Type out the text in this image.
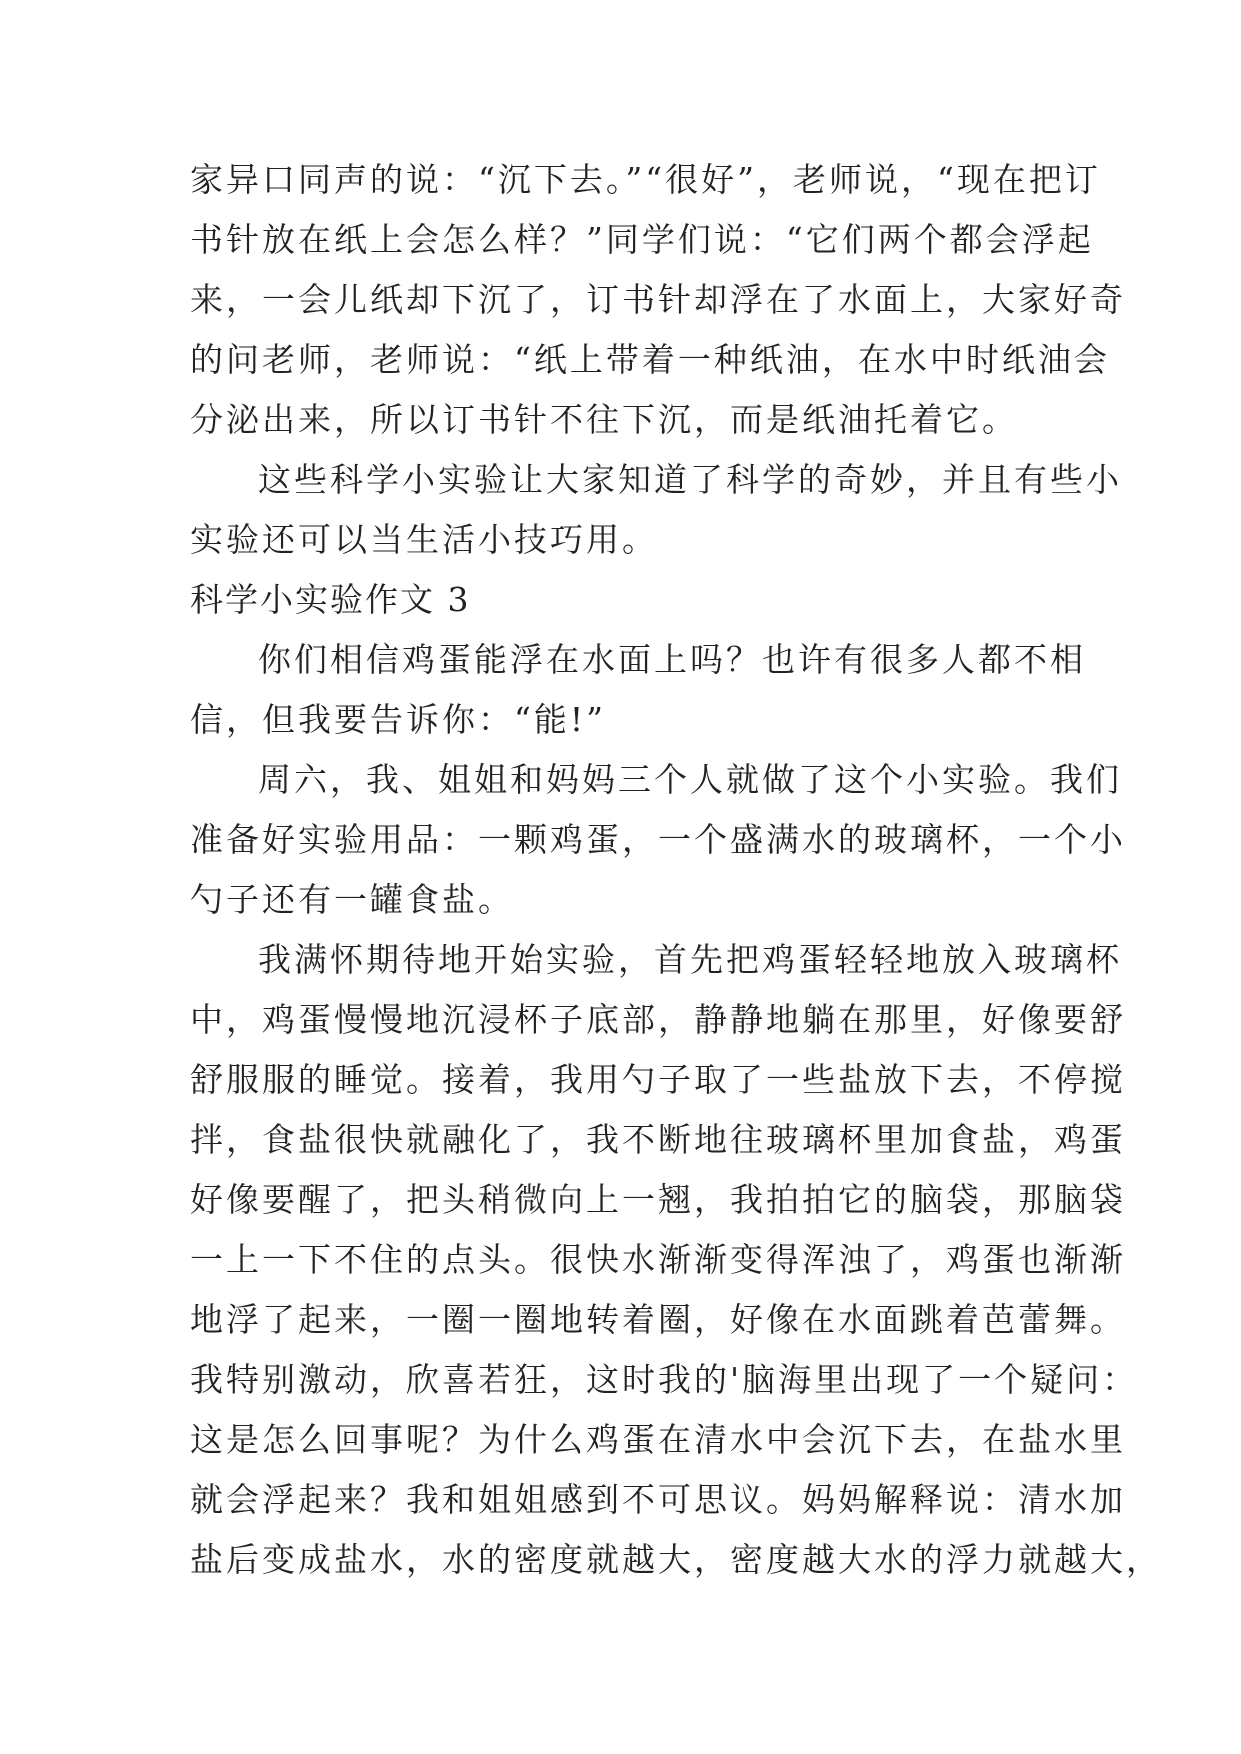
家异口同声的说：“沉下去。”“很好”，老师说，“现在把订
书针放在纸上会怎么样？”同学们说：“它们两个都会浮起
来，一会儿纸却下沉了，订书针却浮在了水面上，大家好奇
的问老师，老师说：“纸上带着一种纸油，在水中时纸油会
分泌出来，所以订书针不往下沉，而是纸油托着它。
这些科学小实验让大家知道了科学的奇妙，并且有些小
实验还可以当生活小技巧用。
科学小实验作文 3
你们相信鸡蛋能浮在水面上吗？也许有很多人都不相
信，但我要告诉你：“能!”
周六，我、姐姐和妈妈三个人就做了这个小实验。我们
准备好实验用品：一颗鸡蛋，一个盛满水的玻璃杯，一个小
勺子还有一罐食盐。
我满怀期待地开始实验，首先把鸡蛋轻轻地放入玻璃杯
中，鸡蛋慢慢地沉浸杯子底部，静静地躺在那里，好像要舒
舒服服的睡觉。接着，我用勺子取了一些盐放下去，不停搅
拌，食盐很快就融化了，我不断地往玻璃杯里加食盐，鸡蛋
好像要醒了，把头稍微向上一翘，我拍拍它的脑袋，那脑袋
一上一下不住的点头。很快水渐渐变得浑浊了，鸡蛋也渐渐
地浮了起来，一圈一圈地转着圈，好像在水面跳着芭蕾舞。
我特别激动，欣喜若狂，这时我的'脑海里出现了一个疑问：
这是怎么回事呢？为什么鸡蛋在清水中会沉下去，在盐水里
就会浮起来？我和姐姐感到不可思议。妈妈解释说：清水加
盐后变成盐水，水的密度就越大，密度越大水的浮力就越大，
